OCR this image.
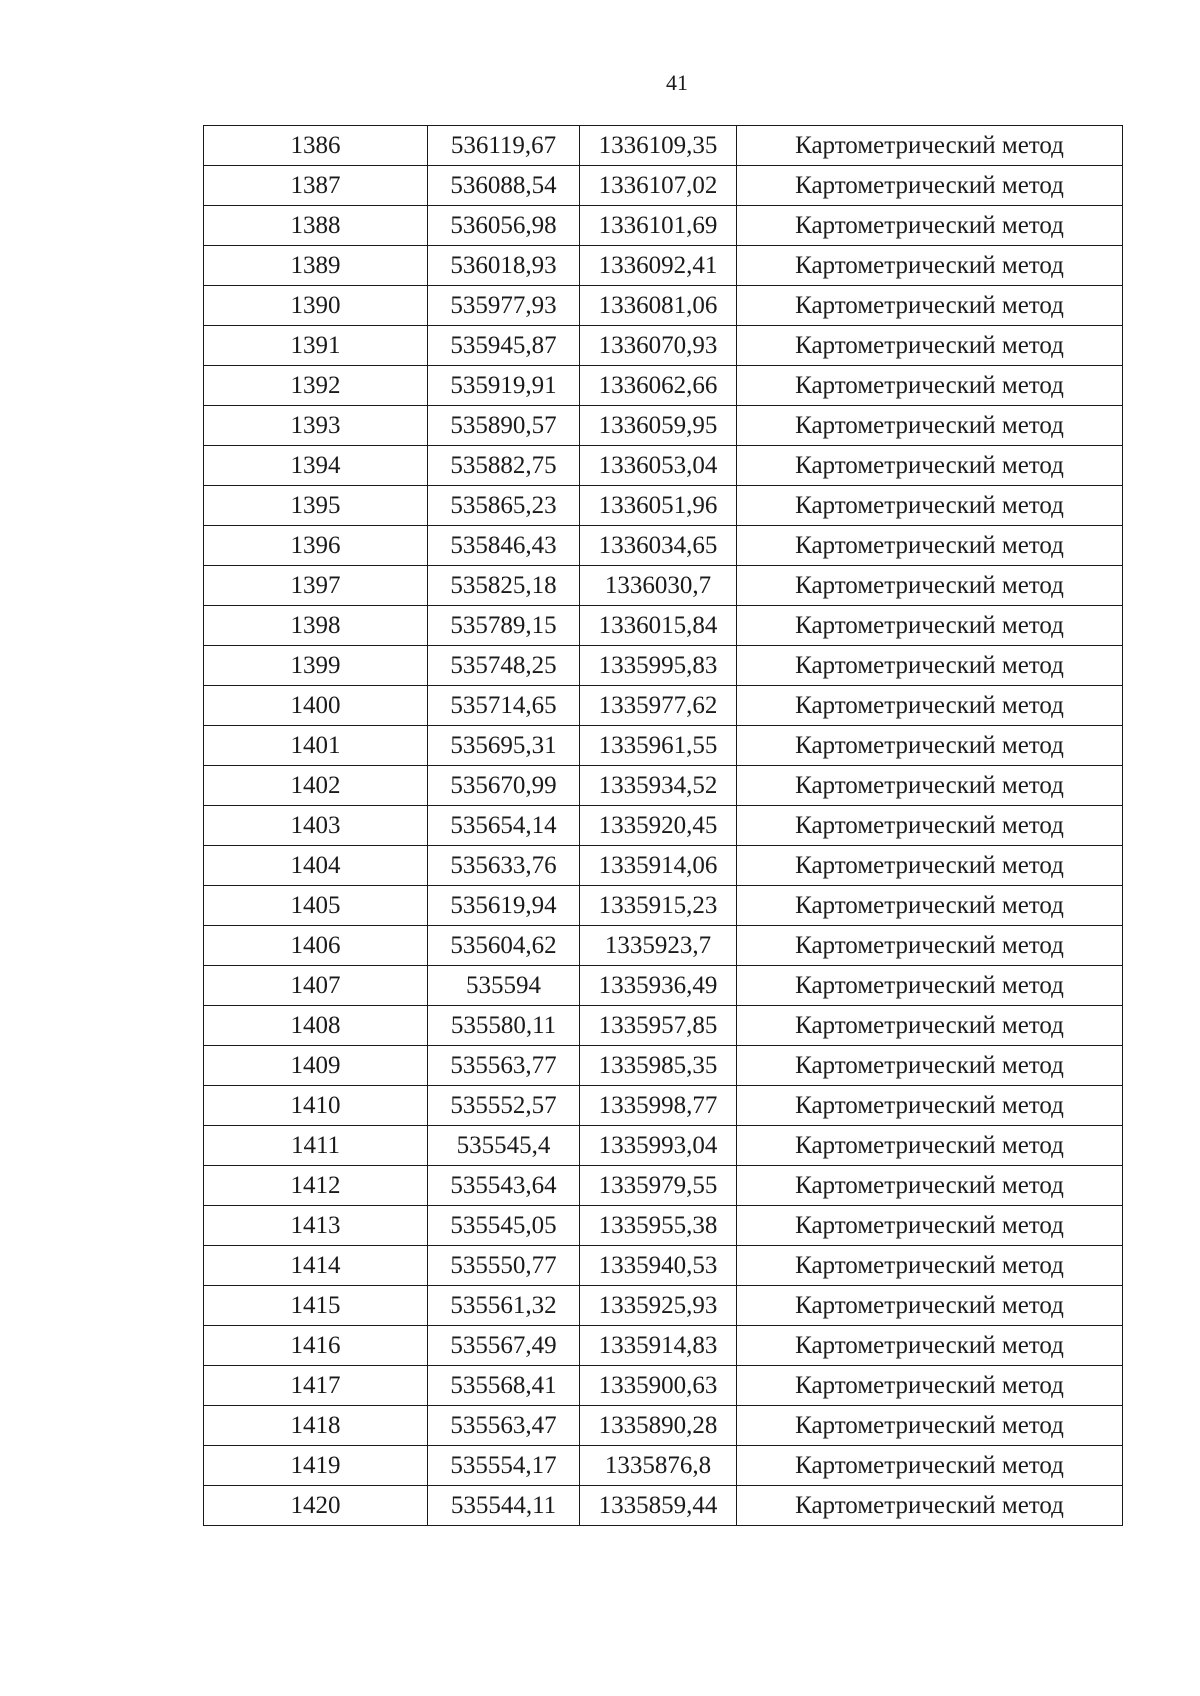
41
1386	536119,67	1336109,35	Картометрический метод
1387	536088,54	1336107,02	Картометрический метод
1388	536056,98	1336101,69	Картометрический метод
1389	536018,93	1336092,41	Картометрический метод
1390	535977,93	1336081,06	Картометрический метод
1391	535945,87	1336070,93	Картометрический метод
1392	535919,91	1336062,66	Картометрический метод
1393	535890,57	1336059,95	Картометрический метод
1394	535882,75	1336053,04	Картометрический метод
1395	535865,23	1336051,96	Картометрический метод
1396	535846,43	1336034,65	Картометрический метод
1397	535825,18	1336030,7	Картометрический метод
1398	535789,15	1336015,84	Картометрический метод
1399	535748,25	1335995,83	Картометрический метод
1400	535714,65	1335977,62	Картометрический метод
1401	535695,31	1335961,55	Картометрический метод
1402	535670,99	1335934,52	Картометрический метод
1403	535654,14	1335920,45	Картометрический метод
1404	535633,76	1335914,06	Картометрический метод
1405	535619,94	1335915,23	Картометрический метод
1406	535604,62	1335923,7	Картометрический метод
1407	535594	1335936,49	Картометрический метод
1408	535580,11	1335957,85	Картометрический метод
1409	535563,77	1335985,35	Картометрический метод
1410	535552,57	1335998,77	Картометрический метод
1411	535545,4	1335993,04	Картометрический метод
1412	535543,64	1335979,55	Картометрический метод
1413	535545,05	1335955,38	Картометрический метод
1414	535550,77	1335940,53	Картометрический метод
1415	535561,32	1335925,93	Картометрический метод
1416	535567,49	1335914,83	Картометрический метод
1417	535568,41	1335900,63	Картометрический метод
1418	535563,47	1335890,28	Картометрический метод
1419	535554,17	1335876,8	Картометрический метод
1420	535544,11	1335859,44	Картометрический метод
